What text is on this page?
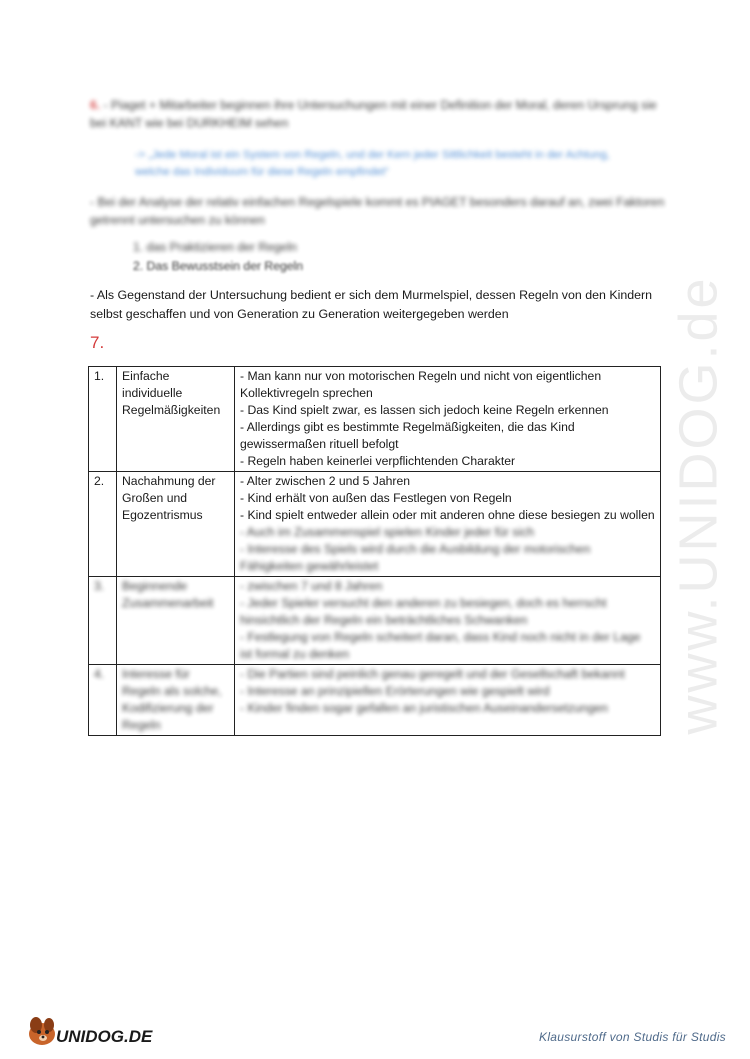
www.UNIDOG.de
6. - Piaget + Mitarbeiter beginnen ihre Untersuchungen mit einer Definition der Moral, deren Ursprung sie bei KANT wie bei DURKHEIM sehen
-> „Jede Moral ist ein System von Regeln, und der Kern jeder Sittlichkeit besteht in der Achtung, welche das Individuum für diese Regeln empfindet“
- Bei der Analyse der relativ einfachen Regelspiele kommt es PIAGET besonders darauf an, zwei Faktoren getrennt untersuchen zu können
1. das Praktizieren der Regeln
2. Das Bewusstsein der Regeln
- Als Gegenstand der Untersuchung bedient er sich dem Murmelspiel, dessen Regeln von den Kindern selbst geschaffen und von Generation zu Generation weitergegeben werden
7.
1.	Einfache individuelle Regelmäßigkeiten	- Man kann nur von motorischen Regeln und nicht von eigentlichen Kollektivregeln sprechen
- Das Kind spielt zwar, es lassen sich jedoch keine Regeln erkennen
- Allerdings gibt es bestimmte Regelmäßigkeiten, die das Kind gewissermaßen rituell befolgt
- Regeln haben keinerlei verpflichtenden Charakter

2.	Nachahmung der Großen und Egozentrismus	- Alter zwischen 2 und 5 Jahren
- Kind erhält von außen das Festlegen von Regeln
- Kind spielt entweder allein oder mit anderen ohne diese besiegen zu wollen
- Auch im Zusammenspiel spielen Kinder jeder für sich
- Interesse des Spiels wird durch die Ausbildung der motorischen Fähigkeiten gewährleistet

3.	Beginnende Zusammenarbeit	- zwischen 7 und 8 Jahren
- Jeder Spieler versucht den anderen zu besiegen, doch es herrscht hinsichtlich der Regeln ein beträchtliches Schwanken
- Festlegung von Regeln scheitert daran, dass Kind noch nicht in der Lage ist formal zu denken

4.	Interesse für Regeln als solche, Kodifizierung der Regeln	- Die Partien sind peinlich genau geregelt und der Gesellschaft bekannt
- Interesse an prinzipiellen Erörterungen wie gespielt wird
- Kinder finden sogar gefallen an juristischen Auseinandersetzungen
UNIDOG.DE	Klausurstoff von Studis für Studis
